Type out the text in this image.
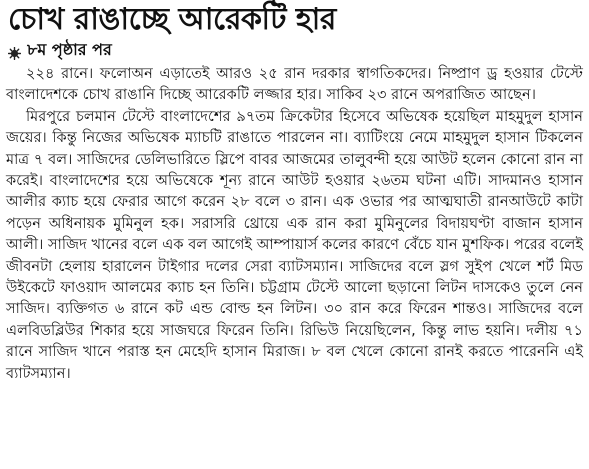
চোখ রাঙাচ্ছে আরেকটি হার
৮ম পৃষ্ঠার পর

২২৪ রানে। ফলোঅন এড়াতেই আরও ২৫ রান দরকার স্বাগতিকদের। নিষ্প্রাণ ড্র হওয়ার টেস্টে বাংলাদেশকে চোখ রাঙানি দিচ্ছে আরেকটি লজ্জার হার। সাকিব ২৩ রানে অপরাজিত আছেন।

মিরপুরে চলমান টেস্টে বাংলাদেশের ৯৭তম ক্রিকেটার হিসেবে অভিষেক হয়েছিল মাহমুদুল হাসান জয়ের। কিন্তু নিজের অভিষেক ম্যাচটি রাঙাতে পারলেন না। ব্যাটিংয়ে নেমে মাহমুদুল হাসান টিকলেন মাত্র ৭ বল। সাজিদের ডেলিভারিতে স্লিপে বাবর আজমের তালুবন্দী হয়ে আউট হলেন কোনো রান না করেই। বাংলাদেশের হয়ে অভিষেকে শূন্য রানে আউট হওয়ার ২৬তম ঘটনা এটি। সাদমানও হাসান আলীর ক্যাচ হয়ে ফেরার আগে করেন ২৮ বলে ৩ রান। এক ওভার পর আত্মঘাতী রানআউটে কাটা পড়েন অধিনায়ক মুমিনুল হক। সরাসরি থ্রোয়ে এক রান করা মুমিনুলের বিদায়ঘণ্টা বাজান হাসান আলী। সাজিদ খানের বলে এক বল আগেই আম্পায়ার্স কলের কারণে বেঁচে যান মুশফিক। পরের বলেই জীবনটা হেলায় হারালেন টাইগার দলের সেরা ব্যাটসম্যান। সাজিদের বলে স্লগ সুইপ খেলে শর্ট মিড উইকেটে ফাওয়াদ আলমের ক্যাচ হন তিনি। চট্টগ্রাম টেস্টে আলো ছড়ানো লিটন দাসকেও তুলে নেন সাজিদ। ব্যক্তিগত ৬ রানে কট এন্ড বোল্ড হন লিটন। ৩০ রান করে ফিরেন শান্তও। সাজিদের বলে এলবিডব্লিউর শিকার হয়ে সাজঘরে ফিরেন তিনি। রিভিউ নিয়েছিলেন, কিন্তু লাভ হয়নি। দলীয় ৭১ রানে সাজিদ খানে পরাস্ত হন মেহেদি হাসান মিরাজ। ৮ বল খেলে কোনো রানই করতে পারেননি এই ব্যাটসম্যান।
